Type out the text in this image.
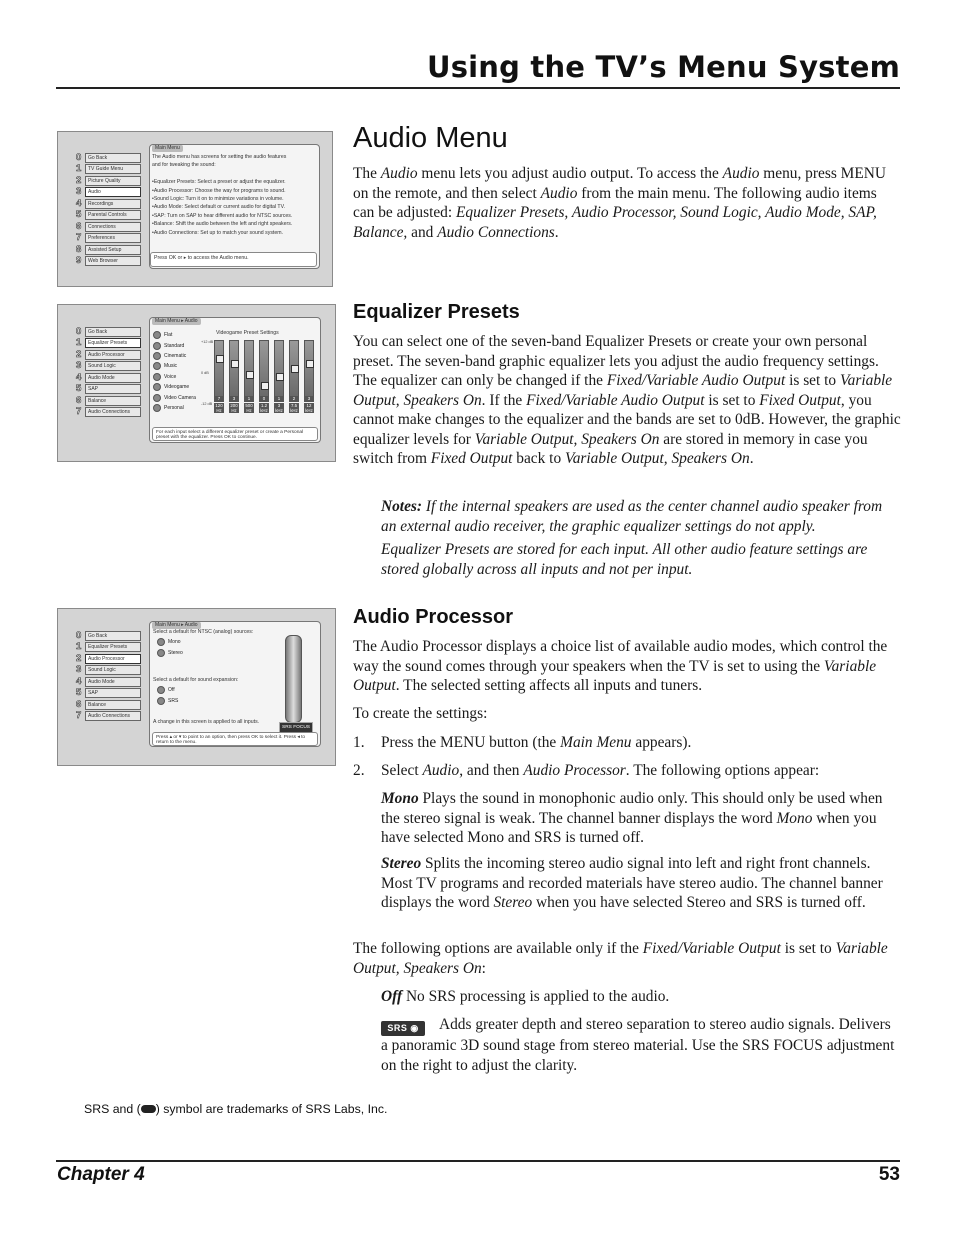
Using the TV’s Menu System
0	Go Back
1	TV Guide Menu
2	Picture Quality
3	Audio
4	Recordings
5	Parental Controls
6	Connections
7	Preferences
8	Assisted Setup
9	Web Browser
Main Menu
The Audio menu has screens for setting the audio features
and for tweaking the sound:

•Equalizer Presets: Select a preset or adjust the equalizer.
•Audio Processor: Choose the way for programs to sound.
•Sound Logic: Turn it on to minimize variations in volume.
•Audio Mode: Select default or current audio for digital TV.
•SAP: Turn on SAP to hear different audio for NTSC sources.
•Balance: Shift the audio between the left and right speakers.
•Audio Connections: Set up to match your sound system.
Press OK or ▸ to access the Audio menu.
0	Go Back
1	Equalizer Presets
2	Audio Processor
3	Sound Logic
4	Audio Mode
5	SAP
6	Balance
7	Audio Connections
Main Menu ▸ Audio
Flat
Standard
Cinematic
Music
Voice
Videogame
Video Camera
Personal
Videogame Preset Settings
+12 dB
0 dB
-12 dB
7
120
Hz
3
200
Hz
1
500
Hz
0
1.2
kHz
1
3
kHz
2
7.5
kHz
3
12
kHz
For each input select a different equalizer preset or create a Personal preset with the equalizer. Press OK to continue.
0	Go Back
1	Equalizer Presets
2	Audio Processor
3	Sound Logic
4	Audio Mode
5	SAP
6	Balance
7	Audio Connections
Main Menu ▸ Audio
Select a default for NTSC (analog) sources:
Mono
Stereo
Select a default for sound expansion:
Off
SRS
A change in this screen is applied to all inputs.
SRS FOCUS
Press ▴ or ▾ to point to an option, then press OK to select it. Press ◂ to return to the menu.
Audio Menu

The Audio menu lets you adjust audio output. To access the Audio menu, press MENU on the remote, and then select Audio from the main menu. The following audio items can be adjusted: Equalizer Presets, Audio Processor, Sound Logic, Audio Mode, SAP, Balance, and Audio Connections.

Equalizer Presets

You can select one of the seven-band Equalizer Presets or create your own personal preset. The seven-band graphic equalizer lets you adjust the audio frequency settings. The equalizer can only be changed if the Fixed/Variable Audio Output is set to Variable Output, Speakers On. If the Fixed/Variable Audio Output is set to Fixed Output, you cannot make changes to the equalizer and the bands are set to 0dB. However, the graphic equalizer levels for Variable Output, Speakers On are stored in memory in case you switch from Fixed Output back to Variable Output, Speakers On.

Notes: If the internal speakers are used as the center channel audio speaker from an external audio receiver, the graphic equalizer settings do not apply.

Equalizer Presets are stored for each input. All other audio feature settings are stored globally across all inputs and not per input.
Audio Processor

The Audio Processor displays a choice list of available audio modes, which control the way the sound comes through your speakers when the TV is set to using the Variable Output. The selected setting affects all inputs and tuners.

To create the settings:
1. Press the MENU button (the Main Menu appears).
2. Select Audio, and then Audio Processor. The following options appear:

Mono Plays the sound in monophonic audio only. This should only be used when the stereo signal is weak. The channel banner displays the word Mono when you have selected Mono and SRS is turned off.

Stereo Splits the incoming stereo audio signal into left and right front channels. Most TV programs and recorded materials have stereo audio. The channel banner displays the word Stereo when you have selected Stereo and SRS is turned off.

The following options are available only if the Fixed/Variable Output is set to Variable Output, Speakers On:

Off No SRS processing is applied to the audio.

SRS ◉ Adds greater depth and stereo separation to stereo audio signals. Delivers a panoramic 3D sound stage from stereo material. Use the SRS FOCUS adjustment on the right to adjust the clarity.

SRS and ( ) symbol are trademarks of SRS Labs, Inc.
Chapter 4	53
